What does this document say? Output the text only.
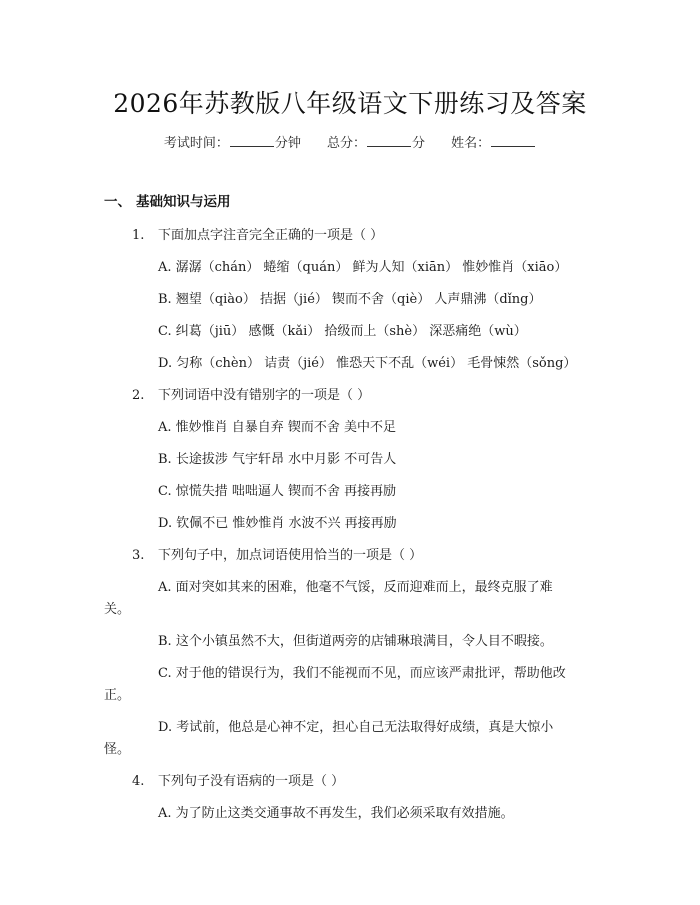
2026年苏教版八年级语文下册练习及答案
考试时间：	分钟 总分：	分 姓名：
一、 基础知识与运用
1. 下面加点字注音完全正确的一项是（ ）
A. 潺潺（chán） 蜷缩（quán） 鲜为人知（xiān） 惟妙惟肖（xiāo）
B. 翘望（qiào） 拮据（jié） 锲而不舍（qiè） 人声鼎沸（dǐng）
C. 纠葛（jiū） 感慨（kǎi） 拾级而上（shè） 深恶痛绝（wù）
D. 匀称（chèn） 诘责（jié） 惟恐天下不乱（wéi） 毛骨悚然（sǒng）
2. 下列词语中没有错别字的一项是（ ）
A. 惟妙惟肖 自暴自弃 锲而不舍 美中不足
B. 长途拔涉 气宇轩昂 水中月影 不可告人
C. 惊慌失措 咄咄逼人 锲而不舍 再接再励
D. 钦佩不已 惟妙惟肖 水波不兴 再接再励
3. 下列句子中，加点词语使用恰当的一项是（ ）
A. 面对突如其来的困难，他毫不气馁，反而迎难而上，最终克服了难
关。
B. 这个小镇虽然不大，但街道两旁的店铺琳琅满目，令人目不暇接。
C. 对于他的错误行为，我们不能视而不见，而应该严肃批评，帮助他改
正。
D. 考试前，他总是心神不定，担心自己无法取得好成绩，真是大惊小
怪。
4. 下列句子没有语病的一项是（ ）
A. 为了防止这类交通事故不再发生，我们必须采取有效措施。
